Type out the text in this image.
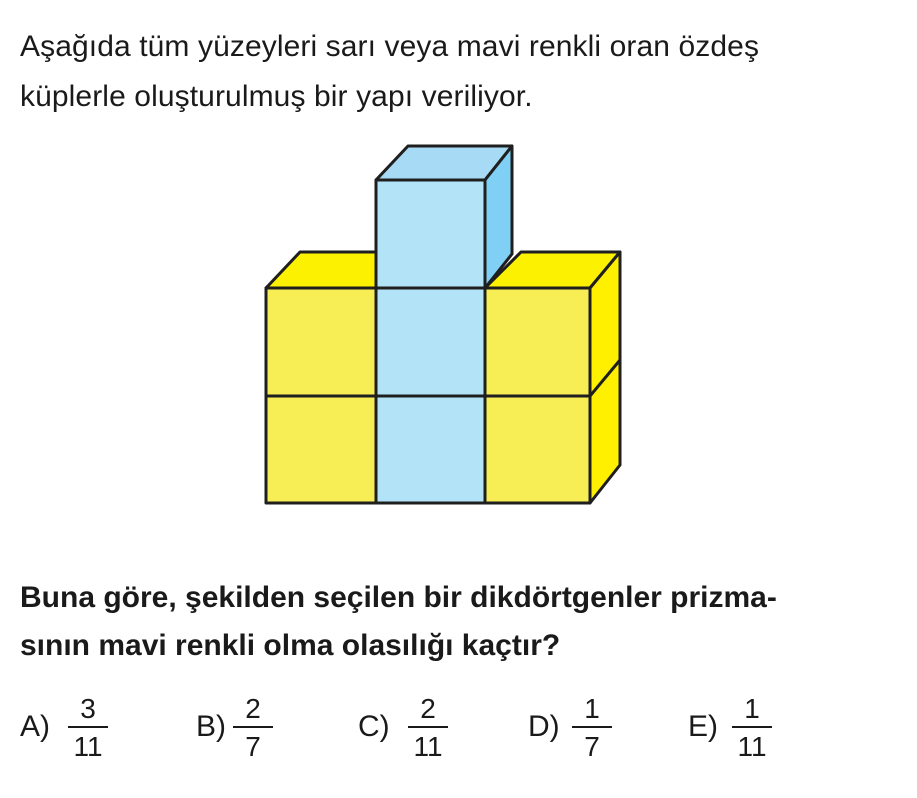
Aşağıda tüm yüzeyleri sarı veya mavi renkli oran özdeş
küplerle oluşturulmuş bir yapı veriliyor.
Buna göre, şekilden seçilen bir dikdörtgenler prizma-
sının mavi renkli olma olasılığı kaçtır?
A)
3
11
B)
2
7
C)
2
11
D)
1
7
E)
1
11
